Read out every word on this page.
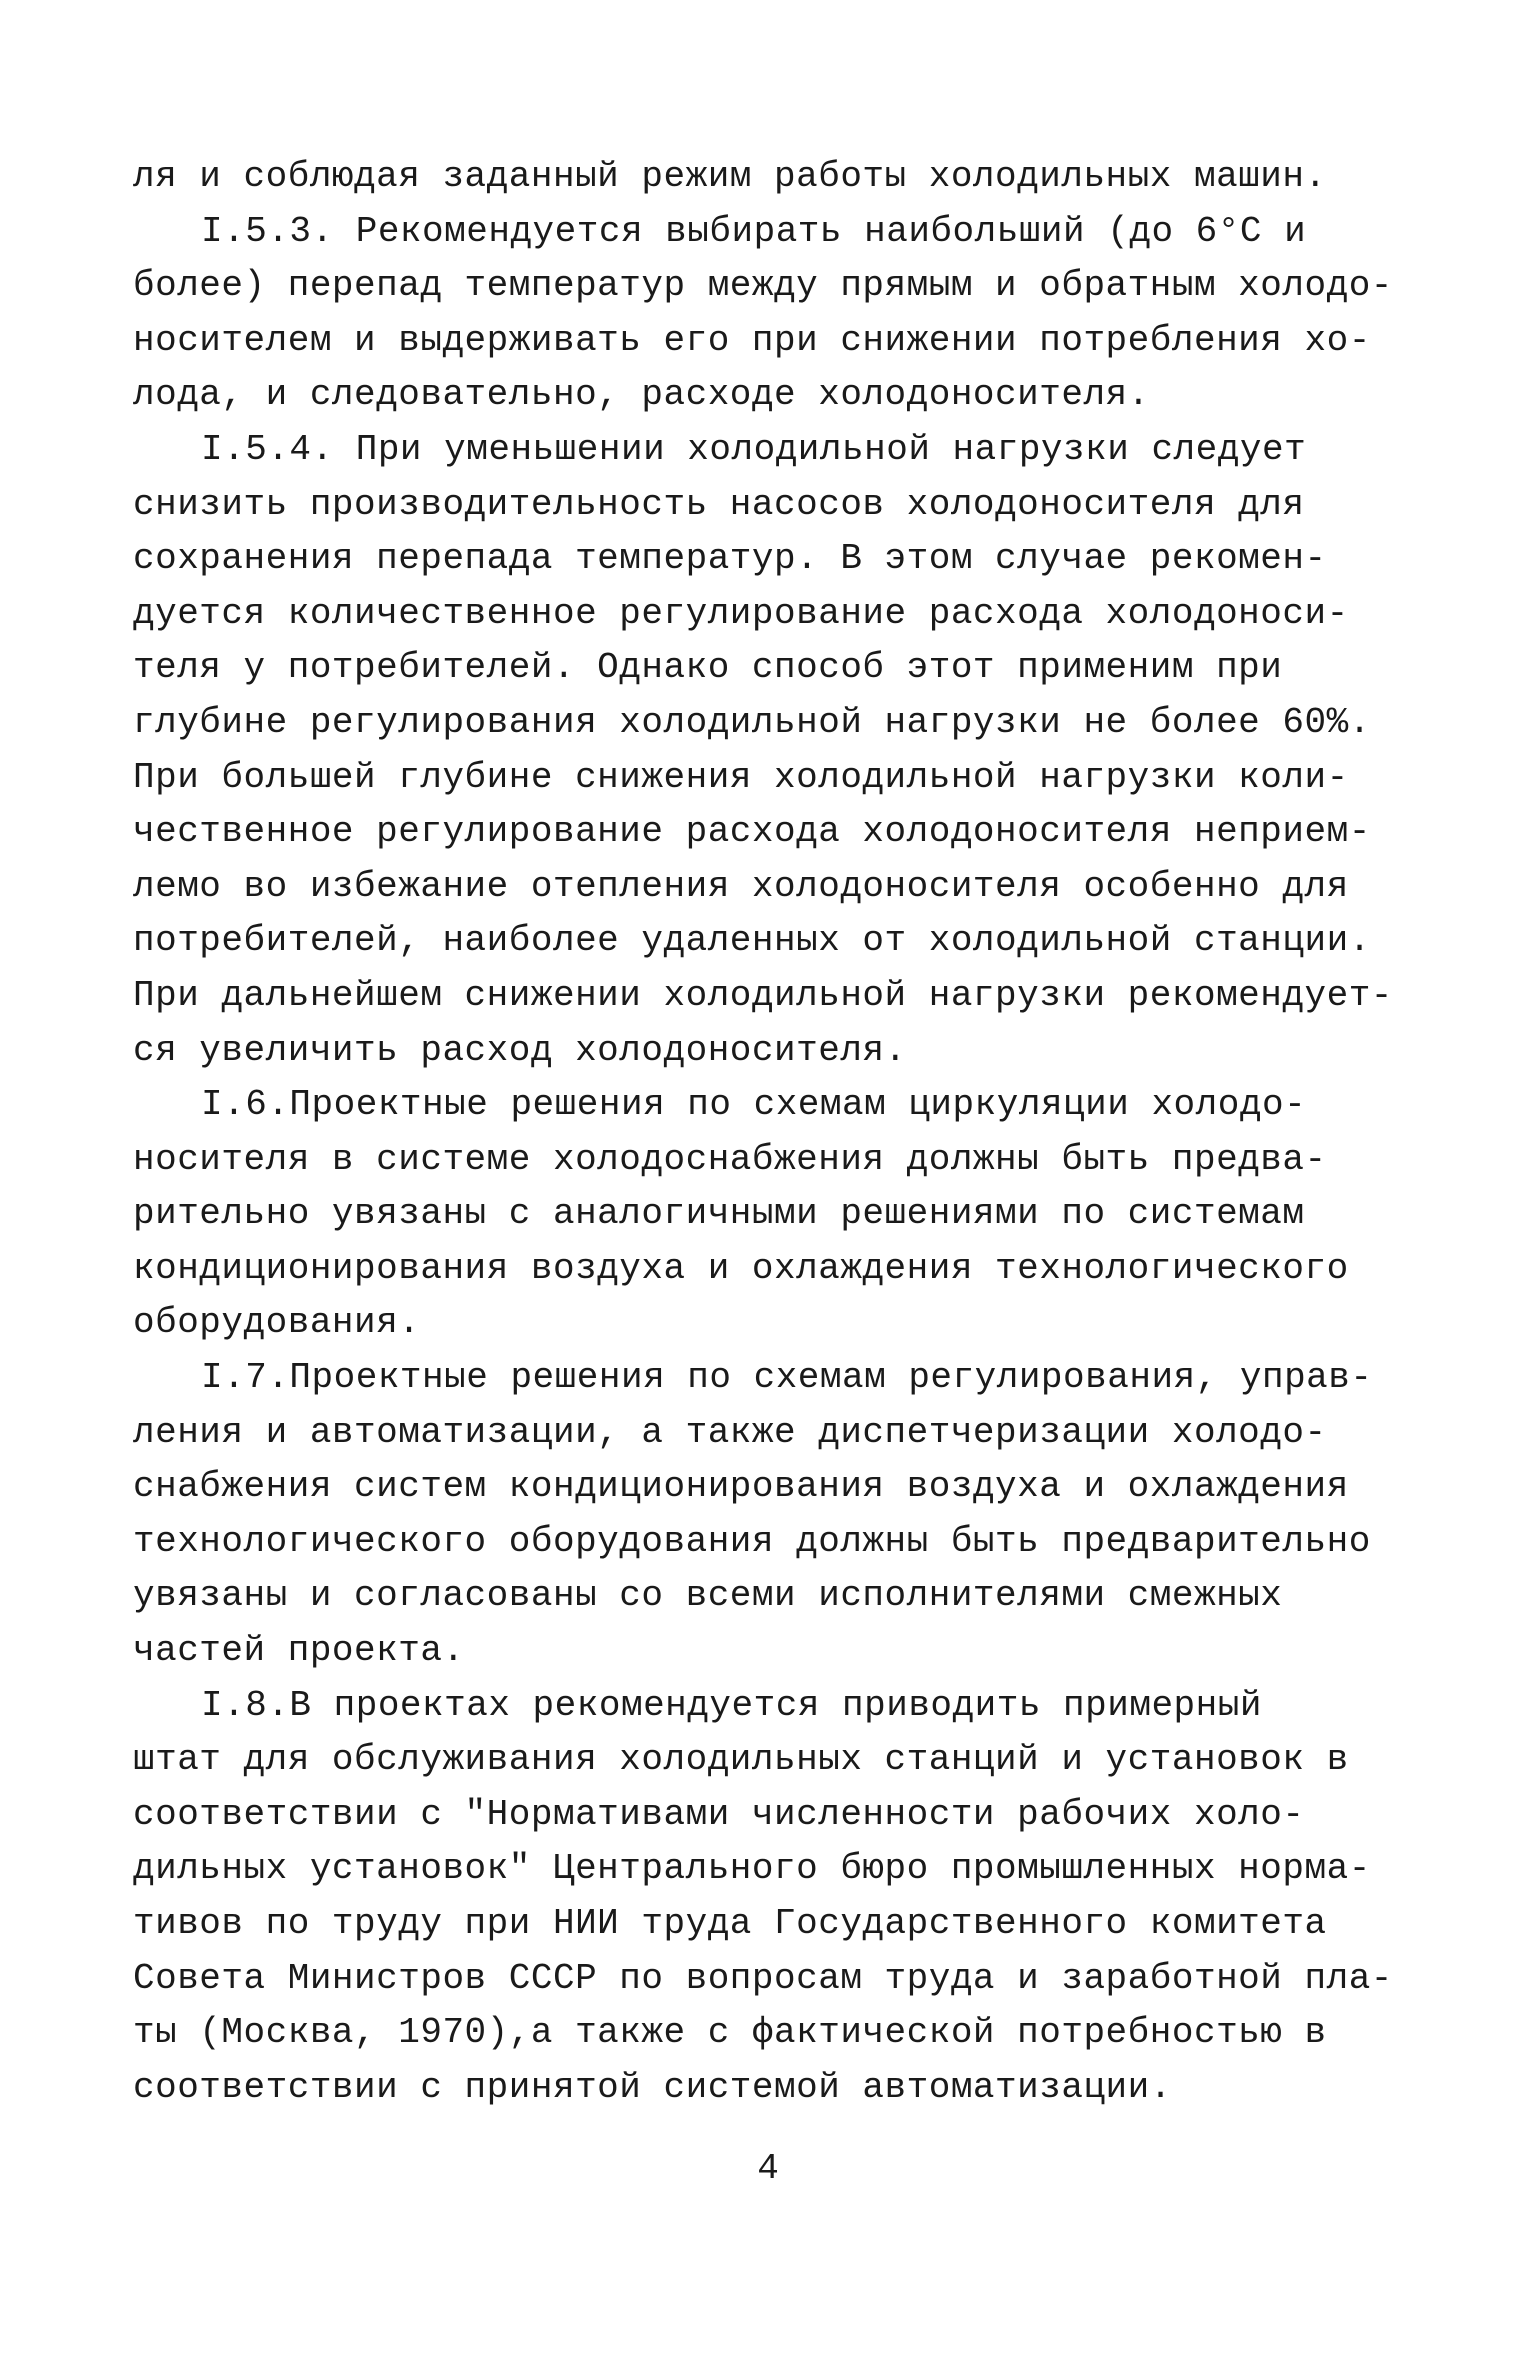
ля и соблюдая заданный режим работы холодильных машин.
I.5.3. Рекомендуется выбирать наибольший (до 6°С и
более) перепад температур между прямым и обратным холодо-
носителем и выдерживать его при снижении потребления хо-
лода, и следовательно, расходе холодоносителя.
I.5.4. При уменьшении холодильной нагрузки следует
снизить производительность насосов холодоносителя для
сохранения перепада температур. В этом случае рекомен-
дуется количественное регулирование расхода холодоноси-
теля у потребителей. Однако способ этот применим при
глубине регулирования холодильной нагрузки не более 60%.
При большей глубине снижения холодильной нагрузки коли-
чественное регулирование расхода холодоносителя неприем-
лемо во избежание отепления холодоносителя особенно для
потребителей, наиболее удаленных от холодильной станции.
При дальнейшем снижении холодильной нагрузки рекомендует-
ся увеличить расход холодоносителя.
I.6.Проектные решения по схемам циркуляции холодо-
носителя в системе холодоснабжения должны быть предва-
рительно увязаны с аналогичными решениями по системам
кондиционирования воздуха и охлаждения технологического
оборудования.
I.7.Проектные решения по схемам регулирования, управ-
ления и автоматизации, а также диспетчеризации холодо-
снабжения систем кондиционирования воздуха и охлаждения
технологического оборудования должны быть предварительно
увязаны и согласованы со всеми исполнителями смежных
частей проекта.
I.8.В проектах рекомендуется приводить примерный
штат для обслуживания холодильных станций и установок в
соответствии с "Нормативами численности рабочих холо-
дильных установок" Центрального бюро промышленных норма-
тивов по труду при НИИ труда Государственного комитета
Совета Министров СССР по вопросам труда и заработной пла-
ты (Москва, 1970),а также с фактической потребностью в
соответствии с принятой системой автоматизации.
4
